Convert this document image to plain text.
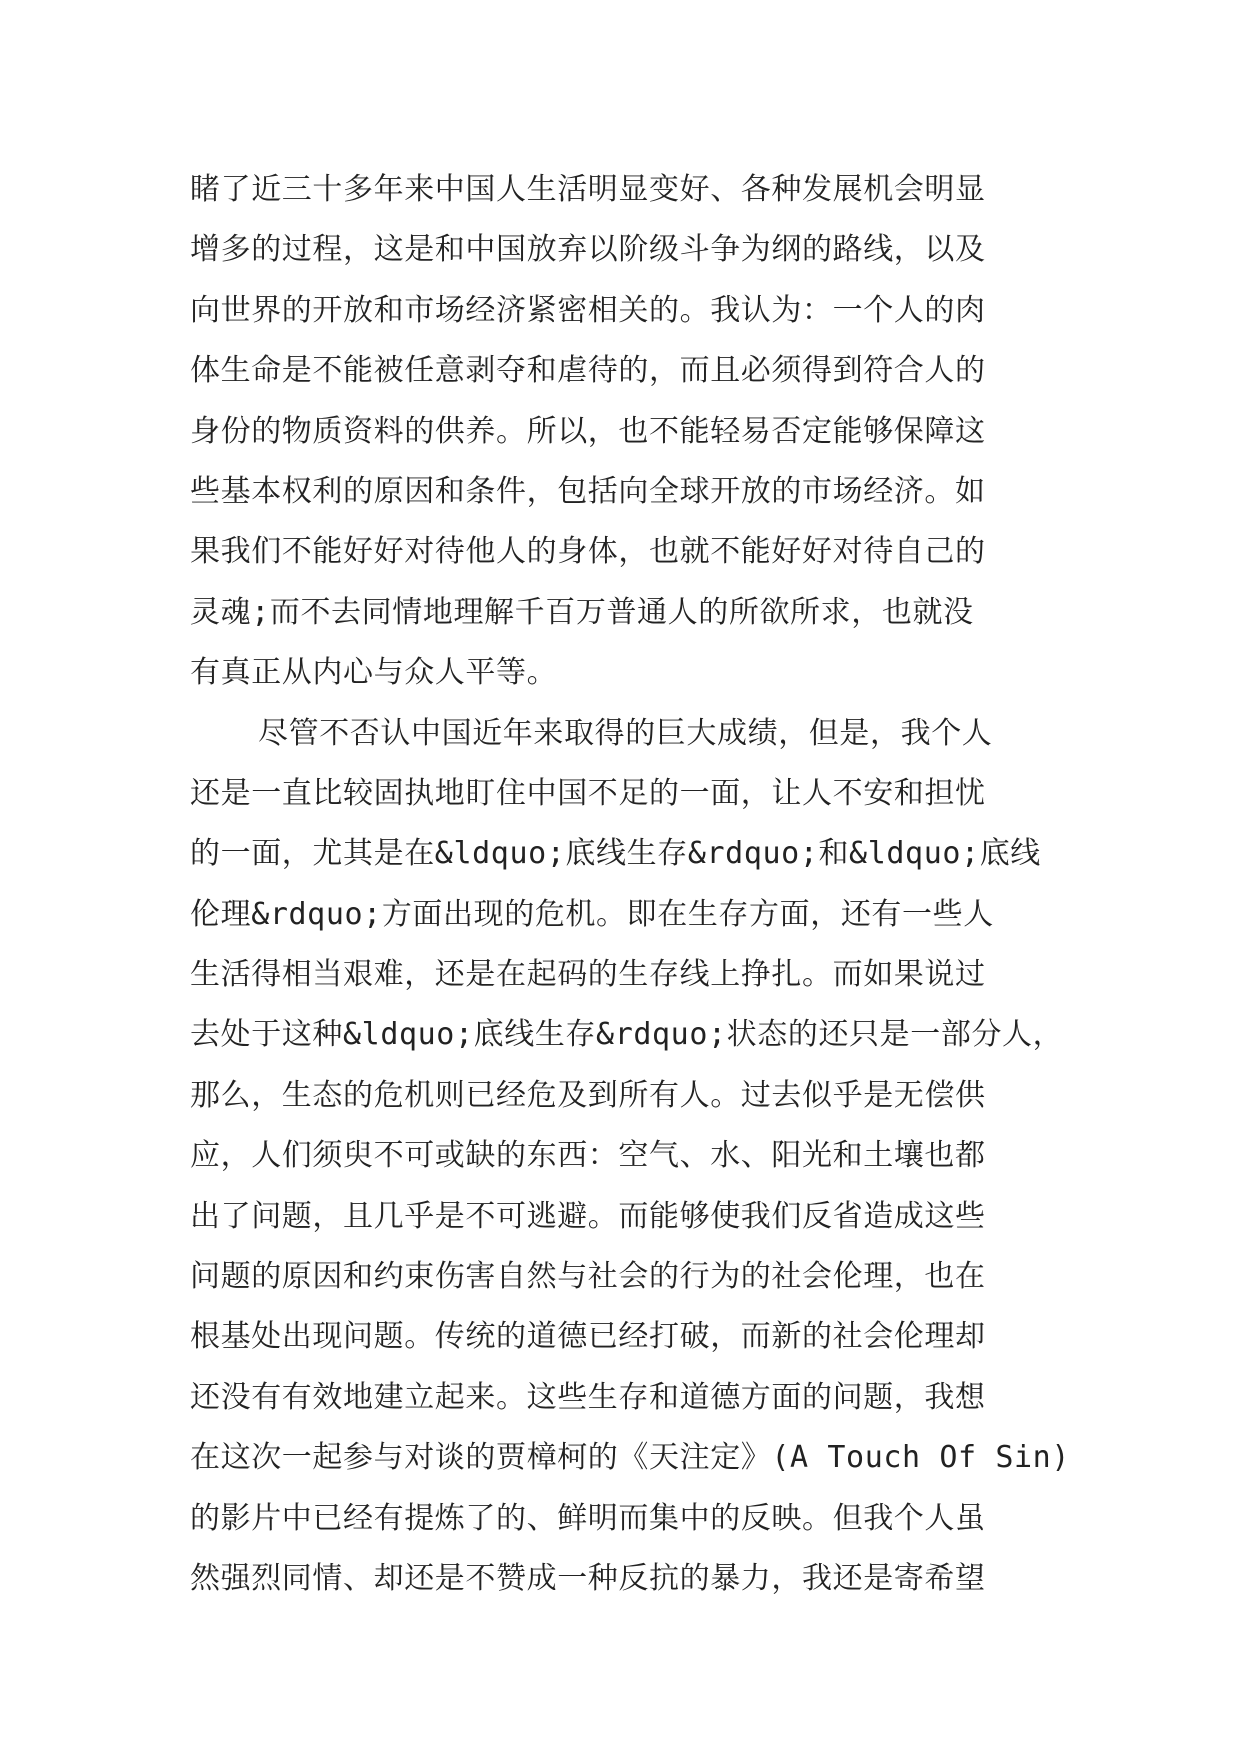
睹了近三十多年来中国人生活明显变好、各种发展机会明显
增多的过程，这是和中国放弃以阶级斗争为纲的路线，以及
向世界的开放和市场经济紧密相关的。我认为：一个人的肉
体生命是不能被任意剥夺和虐待的，而且必须得到符合人的
身份的物质资料的供养。所以，也不能轻易否定能够保障这
些基本权利的原因和条件，包括向全球开放的市场经济。如
果我们不能好好对待他人的身体，也就不能好好对待自己的
灵魂;而不去同情地理解千百万普通人的所欲所求，也就没
有真正从内心与众人平等。
尽管不否认中国近年来取得的巨大成绩，但是，我个人
还是一直比较固执地盯住中国不足的一面，让人不安和担忧
的一面，尤其是在&ldquo;底线生存&rdquo;和&ldquo;底线
伦理&rdquo;方面出现的危机。即在生存方面，还有一些人
生活得相当艰难，还是在起码的生存线上挣扎。而如果说过
去处于这种&ldquo;底线生存&rdquo;状态的还只是一部分人，
那么，生态的危机则已经危及到所有人。过去似乎是无偿供
应，人们须臾不可或缺的东西：空气、水、阳光和土壤也都
出了问题，且几乎是不可逃避。而能够使我们反省造成这些
问题的原因和约束伤害自然与社会的行为的社会伦理，也在
根基处出现问题。传统的道德已经打破，而新的社会伦理却
还没有有效地建立起来。这些生存和道德方面的问题，我想
在这次一起参与对谈的贾樟柯的《天注定》(A Touch Of Sin)
的影片中已经有提炼了的、鲜明而集中的反映。但我个人虽
然强烈同情、却还是不赞成一种反抗的暴力，我还是寄希望
